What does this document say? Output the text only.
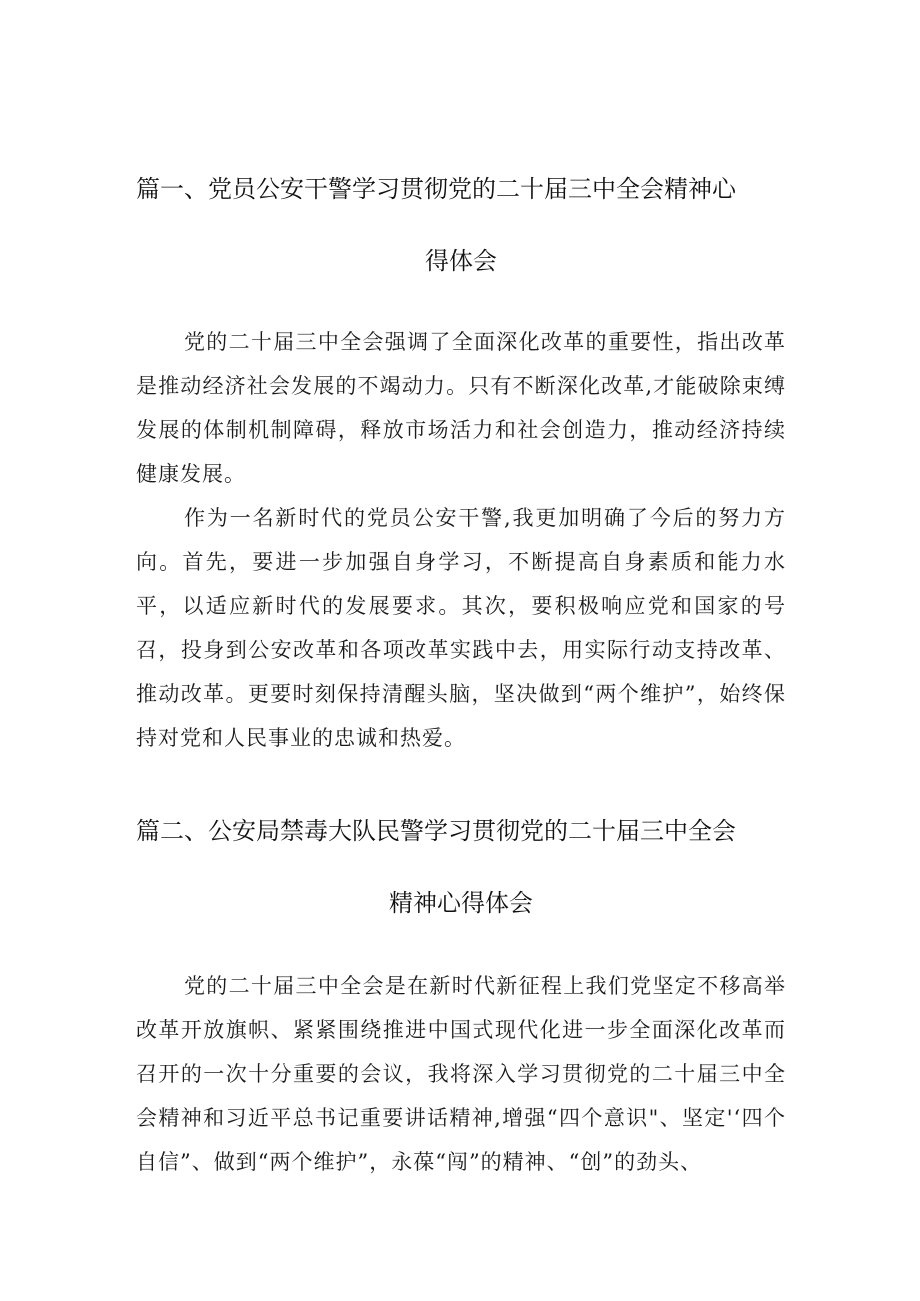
篇一、党员公安干警学习贯彻党的二十届三中全会精神心
得体会

党的二十届三中全会强调了全面深化改革的重要性，指出改革是推动经济社会发展的不竭动力。只有不断深化改革,才能破除束缚发展的体制机制障碍，释放市场活力和社会创造力，推动经济持续健康发展。

作为一名新时代的党员公安干警,我更加明确了今后的努力方向。首先，要进一步加强自身学习，不断提高自身素质和能力水平，以适应新时代的发展要求。其次，要积极响应党和国家的号召，投身到公安改革和各项改革实践中去，用实际行动支持改革、推动改革。更要时刻保持清醒头脑，坚决做到“两个维护”，始终保持对党和人民事业的忠诚和热爱。

篇二、公安局禁毒大队民警学习贯彻党的二十届三中全会
精神心得体会

党的二十届三中全会是在新时代新征程上我们党坚定不移高举改革开放旗帜、紧紧围绕推进中国式现代化进一步全面深化改革而召开的一次十分重要的会议，我将深入学习贯彻党的二十届三中全会精神和习近平总书记重要讲话精神,增强“四个意识"、坚定'‘四个自信”、做到“两个维护”，永葆“闯”的精神、“创”的劲头、
